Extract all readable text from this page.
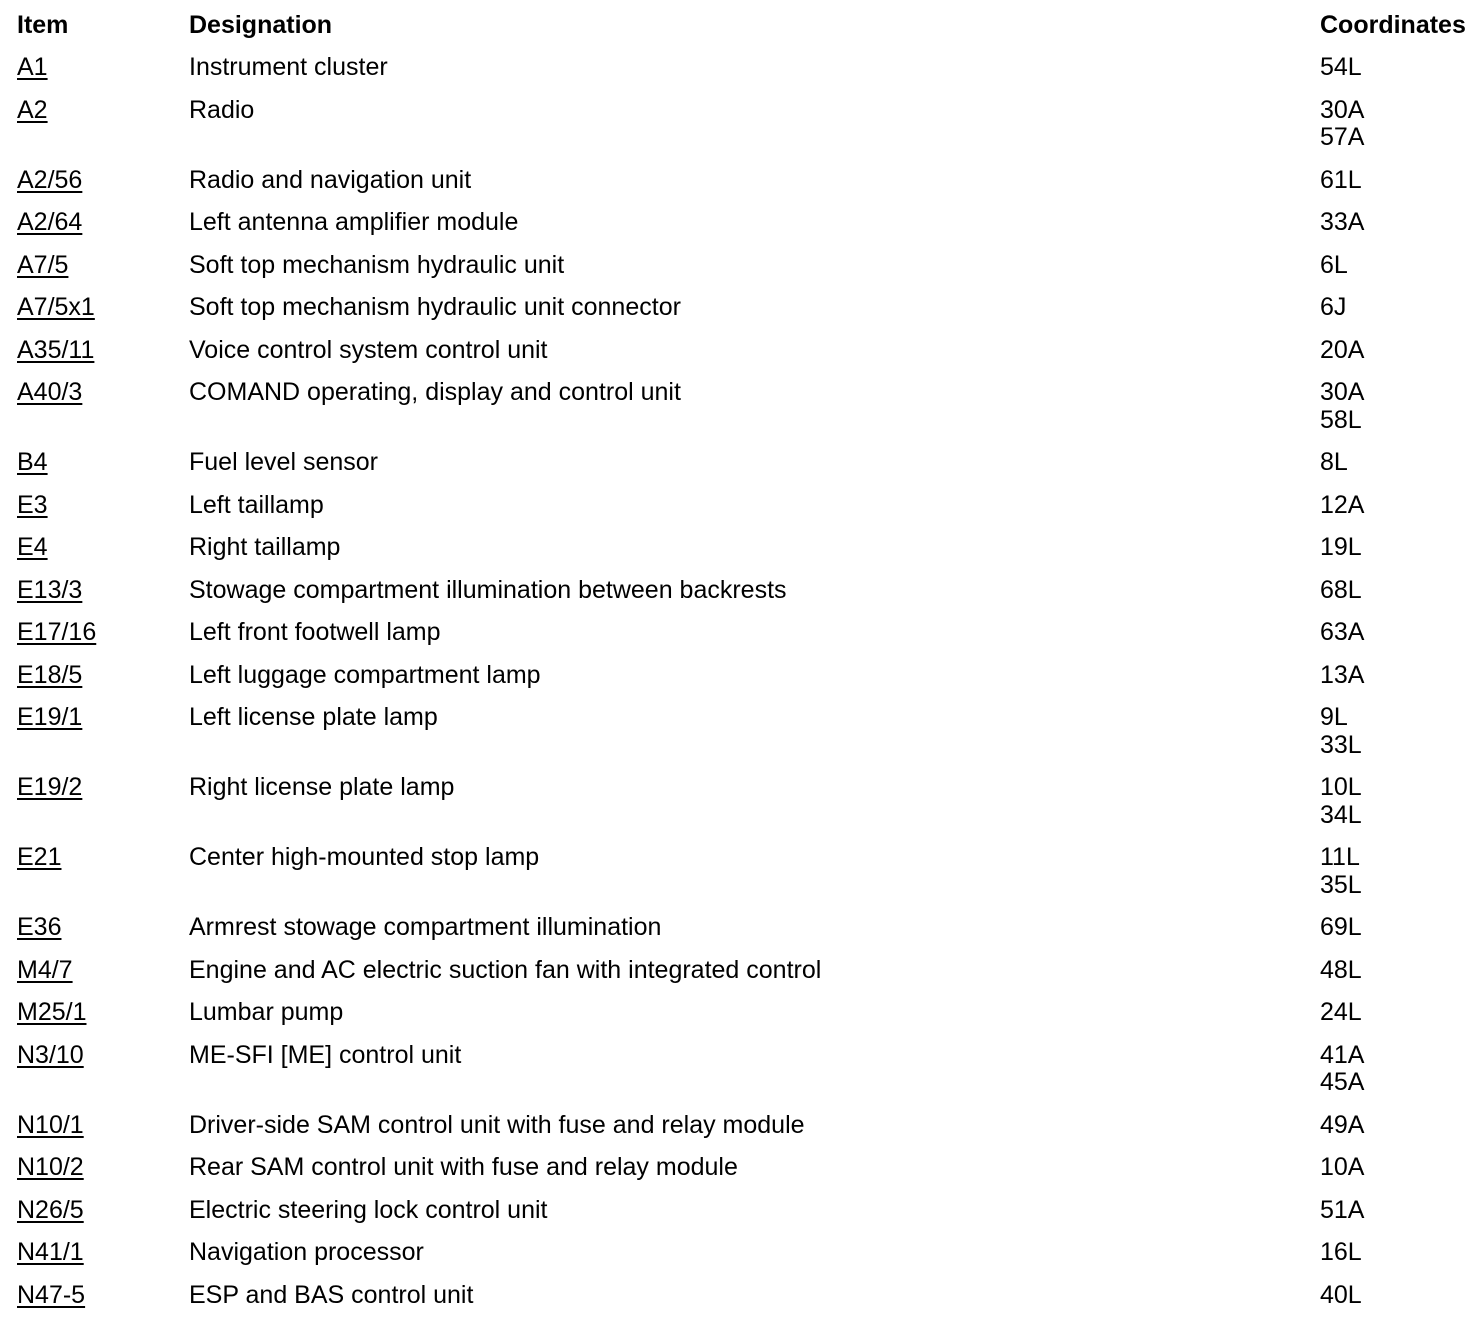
Item	Designation	Coordinates
A1	Instrument cluster	54L
A2	Radio	30A
57A
A2/56	Radio and navigation unit	61L
A2/64	Left antenna amplifier module	33A
A7/5	Soft top mechanism hydraulic unit	6L
A7/5x1	Soft top mechanism hydraulic unit connector	6J
A35/11	Voice control system control unit	20A
A40/3	COMAND operating, display and control unit	30A
58L
B4	Fuel level sensor	8L
E3	Left taillamp	12A
E4	Right taillamp	19L
E13/3	Stowage compartment illumination between backrests	68L
E17/16	Left front footwell lamp	63A
E18/5	Left luggage compartment lamp	13A
E19/1	Left license plate lamp	9L
33L
E19/2	Right license plate lamp	10L
34L
E21	Center high-mounted stop lamp	11L
35L
E36	Armrest stowage compartment illumination	69L
M4/7	Engine and AC electric suction fan with integrated control	48L
M25/1	Lumbar pump	24L
N3/10	ME-SFI [ME] control unit	41A
45A
N10/1	Driver-side SAM control unit with fuse and relay module	49A
N10/2	Rear SAM control unit with fuse and relay module	10A
N26/5	Electric steering lock control unit	51A
N41/1	Navigation processor	16L
N47-5	ESP and BAS control unit	40L
